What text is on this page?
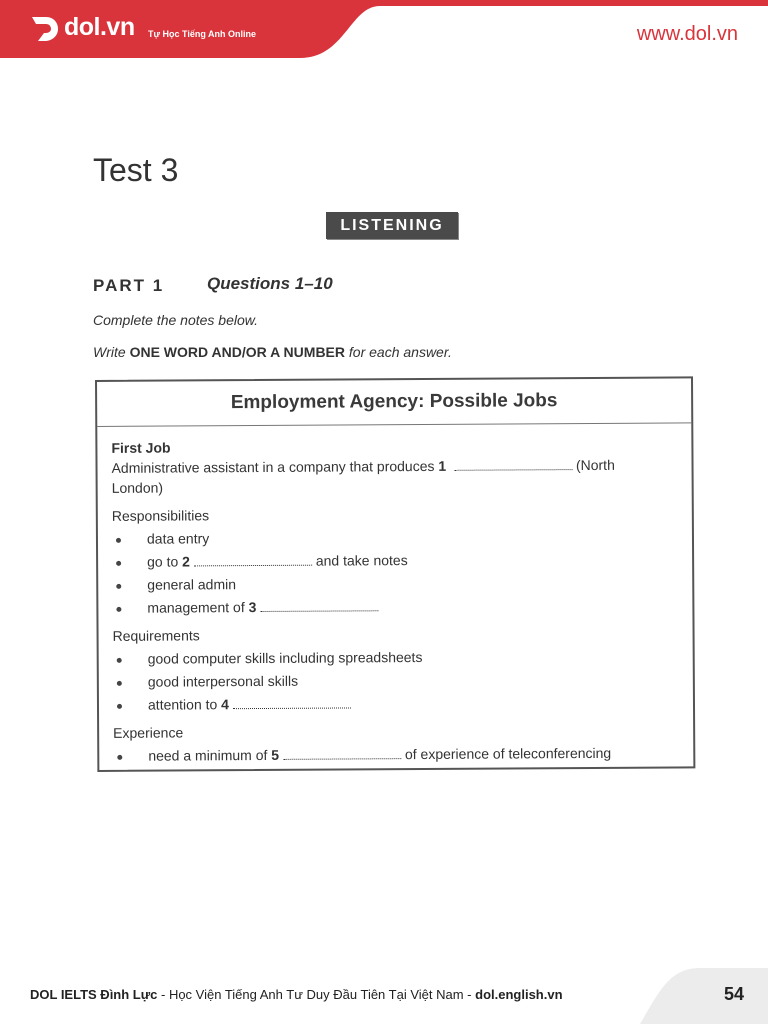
dol.vn Tự Học Tiếng Anh Online	www.dol.vn
Test 3
LISTENING
PART 1	Questions 1–10
Complete the notes below.
Write ONE WORD AND/OR A NUMBER for each answer.
Employment Agency: Possible Jobs
First Job
Administrative assistant in a company that produces 1	(North
London)
Responsibilities
data entry
go to 2	and take notes
general admin
management of 3
Requirements
good computer skills including spreadsheets
good interpersonal skills
attention to 4
Experience
need a minimum of 5	of experience of teleconferencing
DOL IELTS Đình Lực - Học Viện Tiếng Anh Tư Duy Đầu Tiên Tại Việt Nam - dol.english.vn	54
